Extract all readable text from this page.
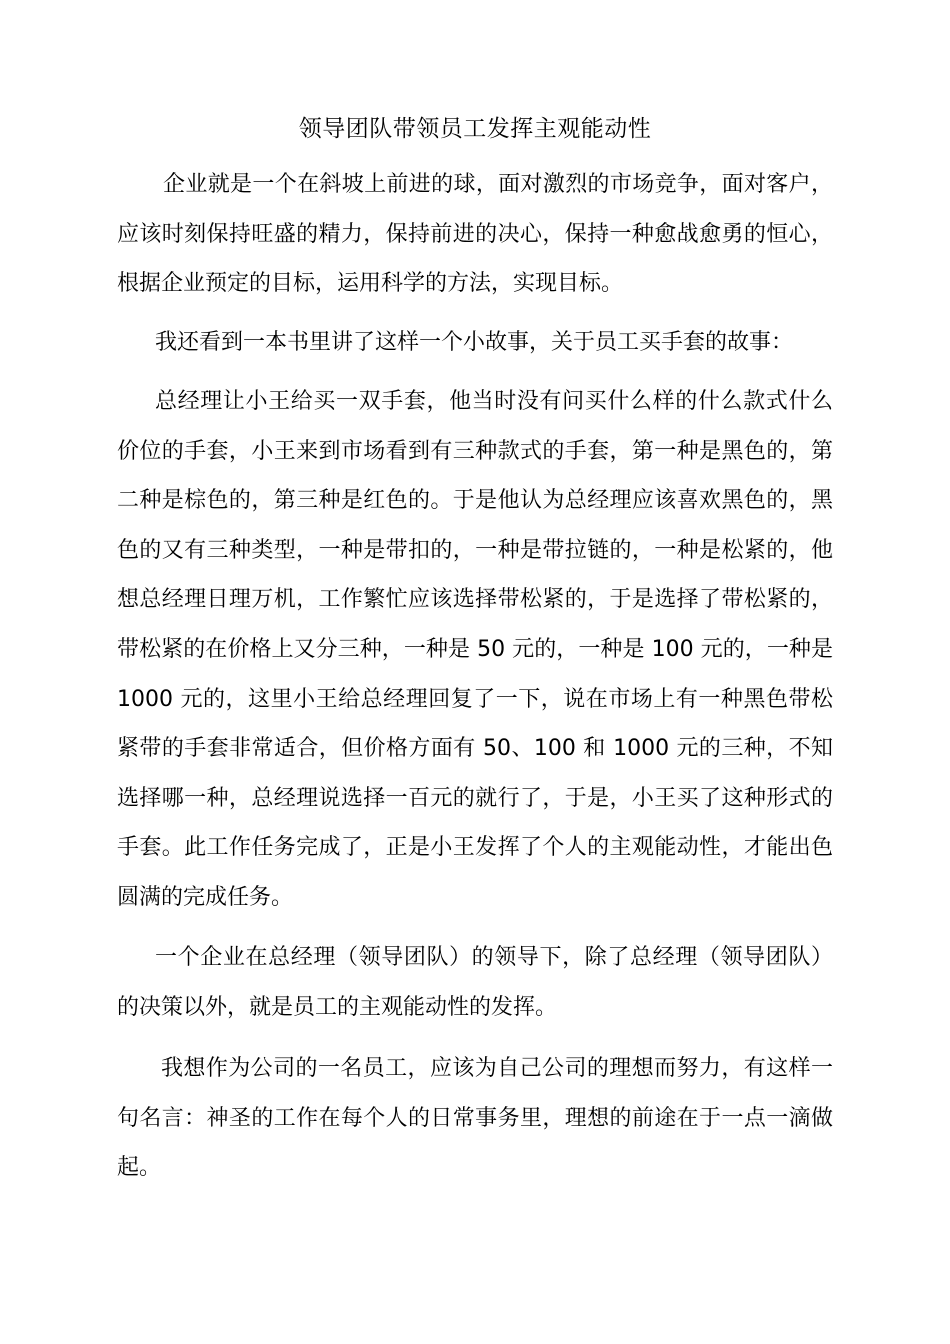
领导团队带领员工发挥主观能动性

企业就是一个在斜坡上前进的球，面对激烈的市场竞争，面对客户，应该时刻保持旺盛的精力，保持前进的决心，保持一种愈战愈勇的恒心，根据企业预定的目标，运用科学的方法，实现目标。

我还看到一本书里讲了这样一个小故事，关于员工买手套的故事：

总经理让小王给买一双手套，他当时没有问买什么样的什么款式什么价位的手套，小王来到市场看到有三种款式的手套，第一种是黑色的，第二种是棕色的，第三种是红色的。于是他认为总经理应该喜欢黑色的，黑色的又有三种类型，一种是带扣的，一种是带拉链的，一种是松紧的，他想总经理日理万机，工作繁忙应该选择带松紧的，于是选择了带松紧的，带松紧的在价格上又分三种，一种是 50 元的，一种是 100 元的，一种是 1000 元的，这里小王给总经理回复了一下，说在市场上有一种黑色带松紧带的手套非常适合，但价格方面有 50、100 和 1000 元的三种，不知选择哪一种，总经理说选择一百元的就行了，于是，小王买了这种形式的手套。此工作任务完成了，正是小王发挥了个人的主观能动性，才能出色圆满的完成任务。

一个企业在总经理（领导团队）的领导下，除了总经理（领导团队）的决策以外，就是员工的主观能动性的发挥。

我想作为公司的一名员工，应该为自己公司的理想而努力，有这样一句名言：神圣的工作在每个人的日常事务里，理想的前途在于一点一滴做起。
